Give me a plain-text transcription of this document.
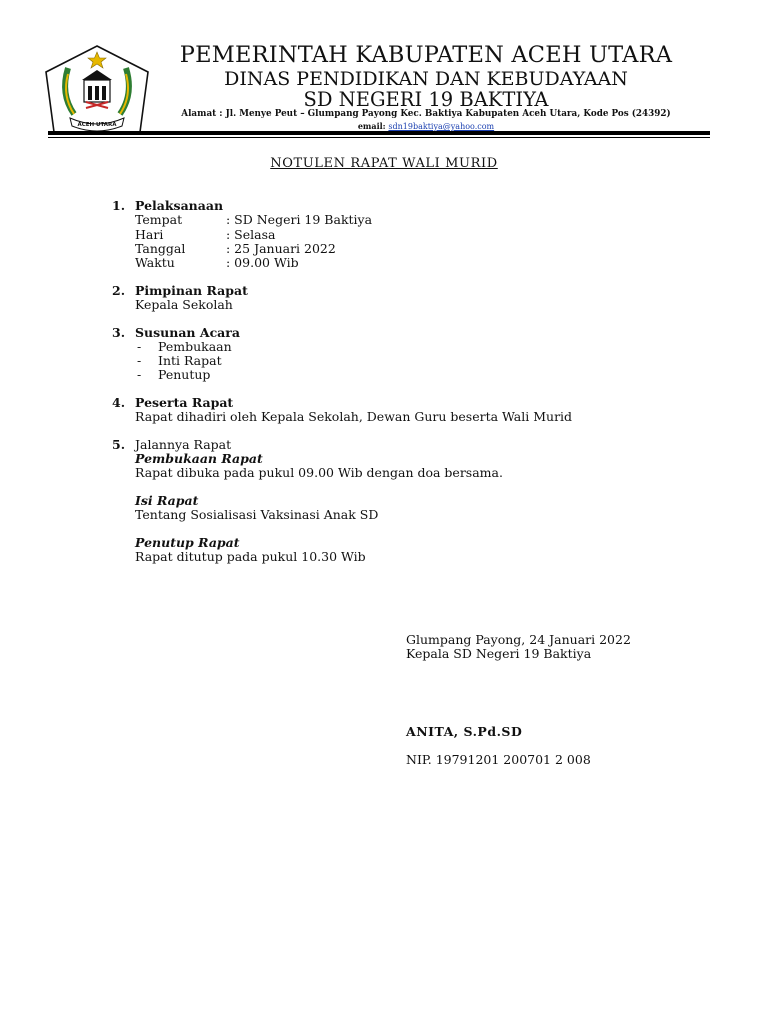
ACEH UTARA
PEMERINTAH KABUPATEN ACEH UTARA
DINAS PENDIDIKAN DAN KEBUDAYAAN
SD NEGERI 19 BAKTIYA
Alamat : Jl. Menye Peut – Glumpang Payong Kec. Baktiya Kabupaten Aceh Utara, Kode Pos (24392)
email: sdn19baktiya@yahoo.com
NOTULEN RAPAT WALI MURID
1. Pelaksanaan
Tempat	: SD Negeri 19 Baktiya
Hari	: Selasa
Tanggal	: 25 Januari 2022
Waktu	: 09.00 Wib
2. Pimpinan Rapat
Kepala Sekolah
3. Susunan Acara
- Pembukaan
- Inti Rapat
- Penutup
4. Peserta Rapat
Rapat dihadiri oleh Kepala Sekolah, Dewan Guru beserta Wali Murid
5. Jalannya Rapat
Pembukaan Rapat
Rapat dibuka pada pukul 09.00 Wib dengan doa bersama.
Isi Rapat
Tentang Sosialisasi Vaksinasi Anak SD
Penutup Rapat
Rapat ditutup pada pukul 10.30 Wib
Glumpang Payong, 24 Januari 2022
Kepala SD Negeri 19 Baktiya
ANITA, S.Pd.SD
NIP. 19791201 200701 2 008
